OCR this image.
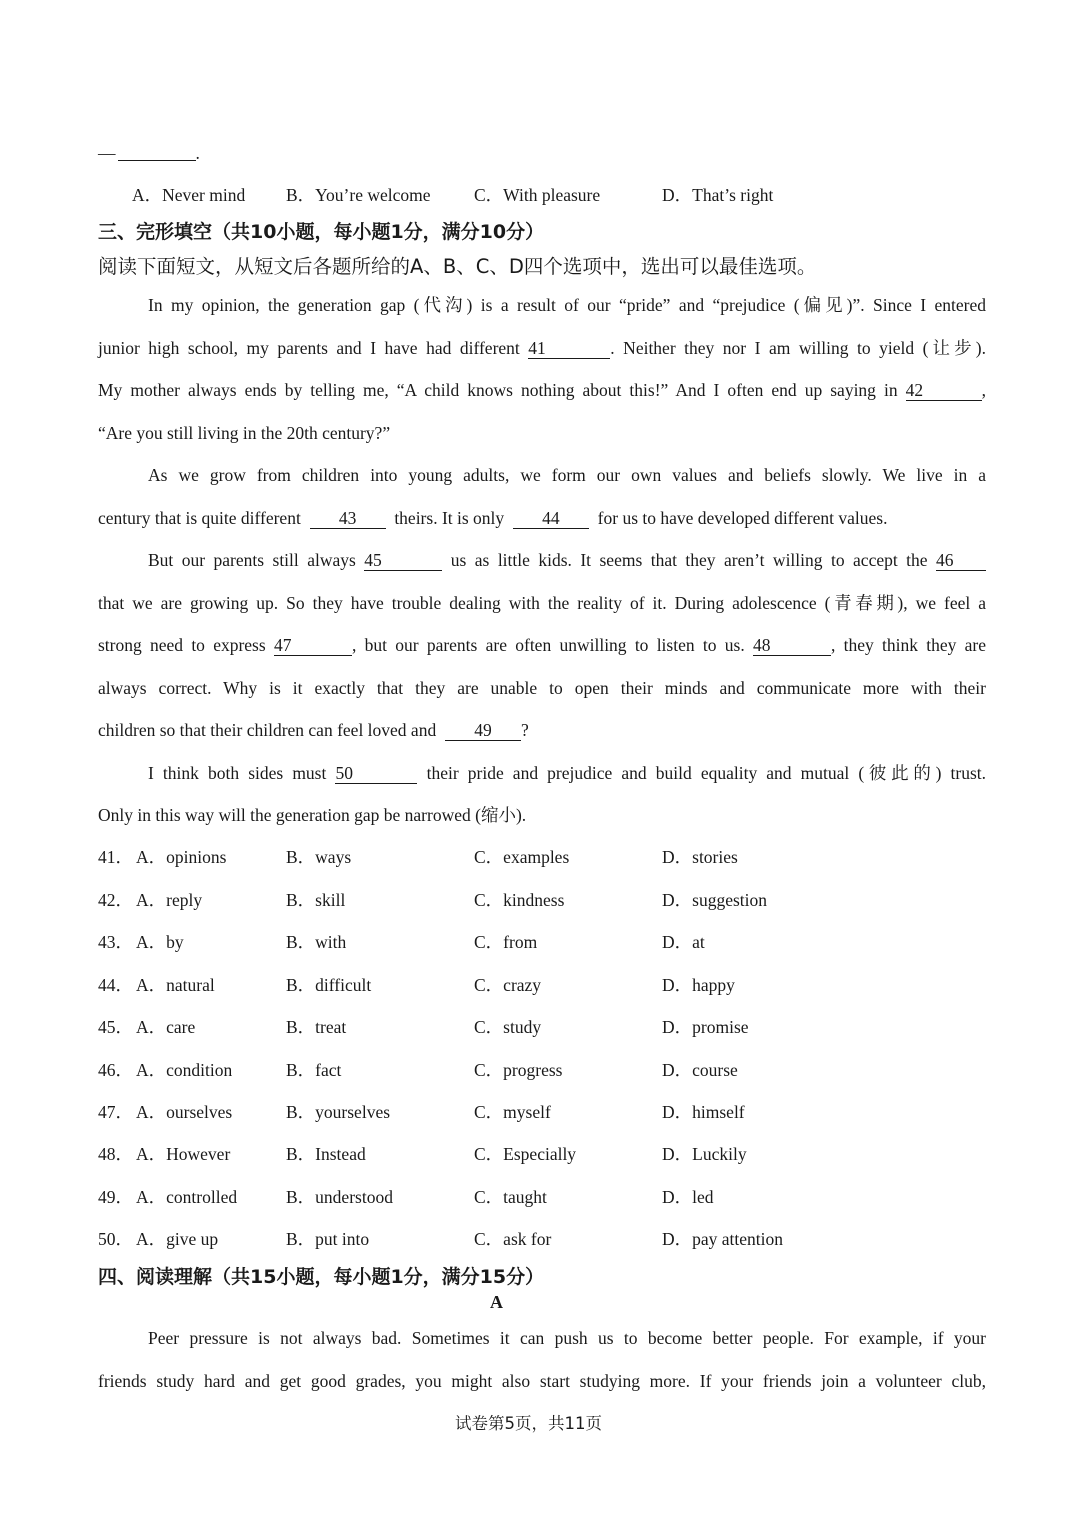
—	.
A．Never mind B．You’re welcome C．With pleasure	D．That’s right
三、完形填空（共10小题，每小题1分，满分10分）
阅读下面短文，从短文后各题所给的A、B、C、D四个选项中，选出可以最佳选项。
In my opinion, the generation gap (代沟) is a result of our “pride” and “prejudice (偏见)”. Since I entered
junior high school, my parents and I have had different 41	. Neither they nor I am willing to yield (让步).
My mother always ends by telling me, “A child knows nothing about this!” And I often end up saying in 42	,
“Are you still living in the 20th century?”
As we grow from children into young adults, we form our own values and beliefs slowly. We live in a
century that is quite different 43 theirs. It is only 44 for us to have developed different values.
But our parents still always 45	us as little kids. It seems that they aren’t willing to accept the 46
that we are growing up. So they have trouble dealing with the reality of it. During adolescence (青春期), we feel a
strong need to express 47	, but our parents are often unwilling to listen to us. 48	, they think they are
always correct. Why is it exactly that they are unable to open their minds and communicate more with their
children so that their children can feel loved and 49 ?
I think both sides must 50	their pride and prejudice and build equality and mutual (彼此的) trust.
Only in this way will the generation gap be narrowed (缩小).
41． A．opinions	B．ways	C．examples	D．stories
42． A．reply	B．skill	C．kindness	D．suggestion
43． A．by	B．with	C．from	D．at
44． A．natural	B．difficult	C．crazy	D．happy
45． A．care	B．treat	C．study	D．promise
46． A．condition	B．fact	C．progress	D．course
47． A．ourselves	B．yourselves	C．myself	D．himself
48． A．However	B．Instead	C．Especially	D．Luckily
49． A．controlled	B．understood	C．taught	D．led
50． A．give up	B．put into	C．ask for	D．pay attention
四、阅读理解（共15小题，每小题1分，满分15分）
A
Peer pressure is not always bad. Sometimes it can push us to become better people. For example, if your
friends study hard and get good grades, you might also start studying more. If your friends join a volunteer club,
试卷第5页，共11页
